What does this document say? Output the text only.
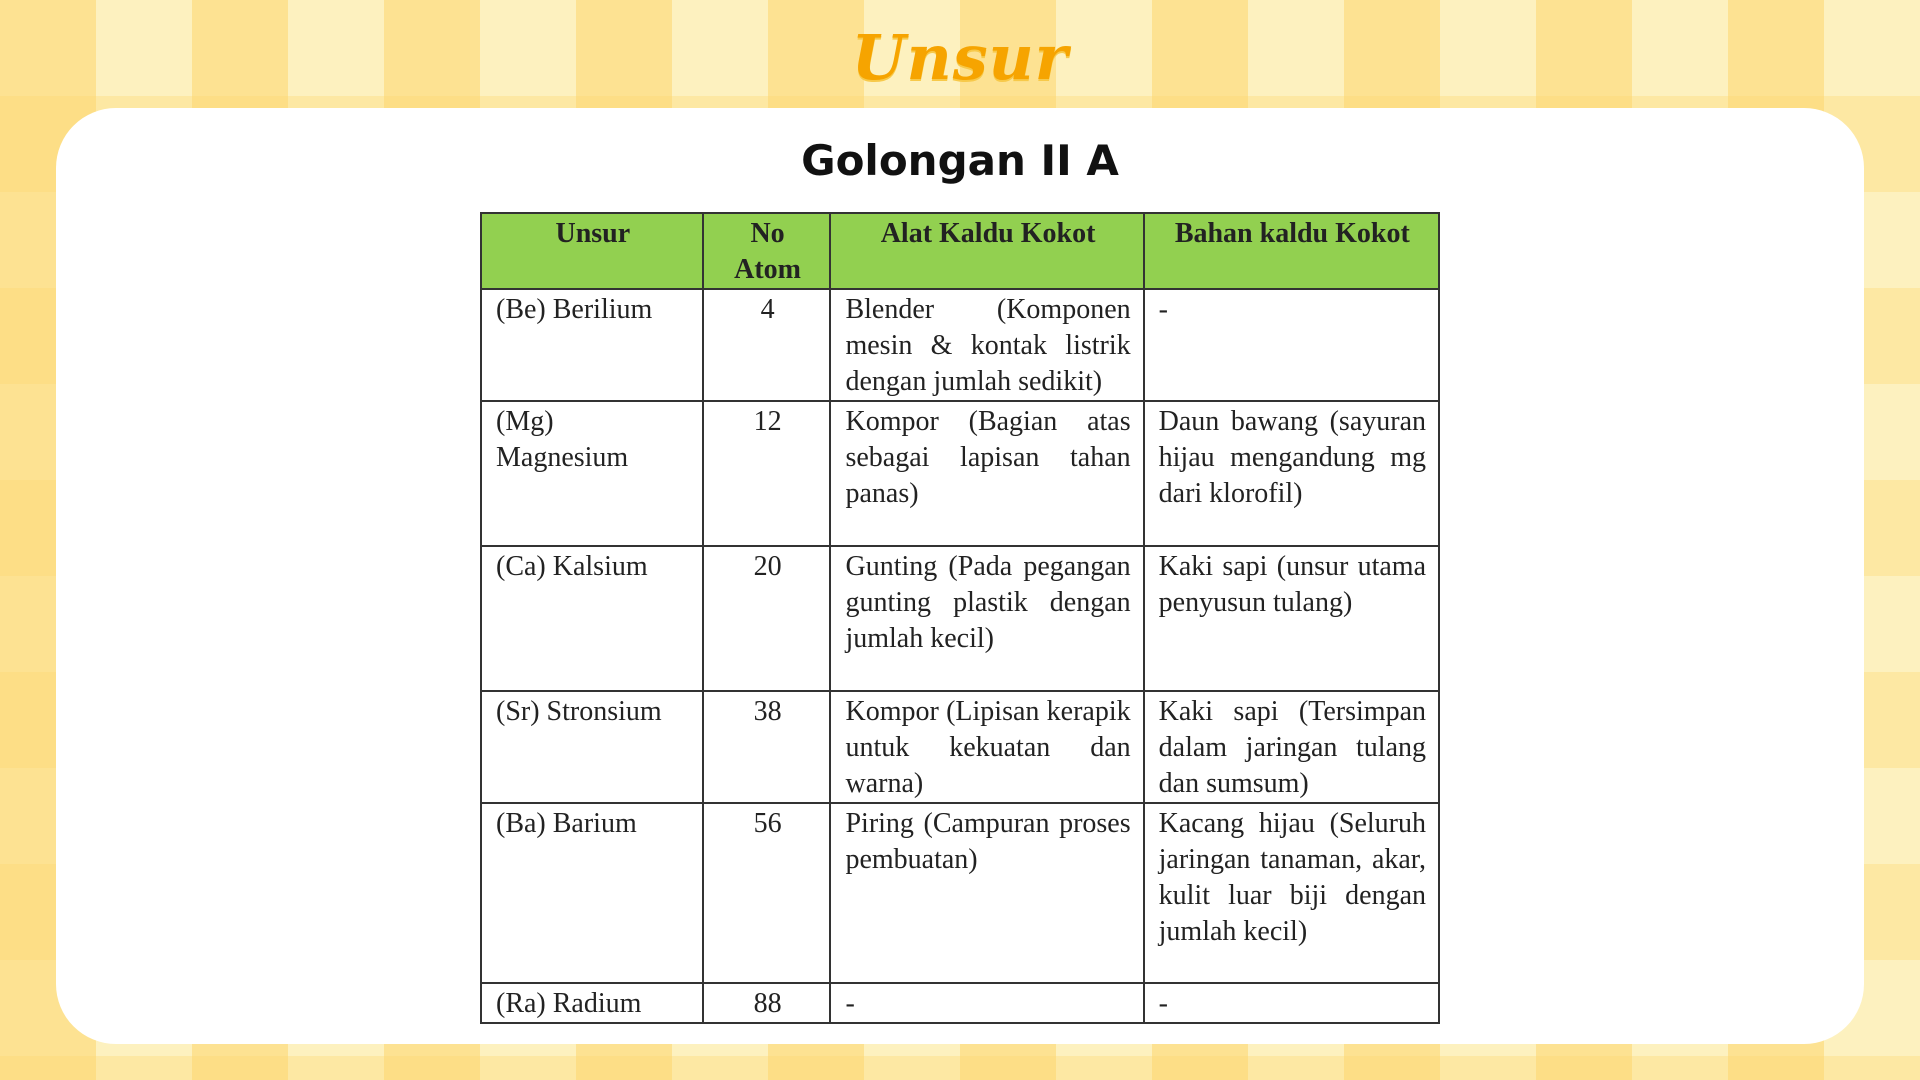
Unsur
Golongan II A
Unsur	No Atom	Alat Kaldu Kokot	Bahan kaldu Kokot
(Be) Berilium	4	Blender (Komponen mesin & kontak listrik dengan jumlah sedikit)	-
(Mg) Magnesium	12	Kompor (Bagian atas sebagai lapisan tahan panas)	Daun bawang (sayuran hijau mengandung mg dari klorofil)
(Ca) Kalsium	20	Gunting (Pada pegangan gunting plastik dengan jumlah kecil)	Kaki sapi (unsur utama penyusun tulang)
(Sr) Stronsium	38	Kompor (Lipisan kerapik untuk kekuatan dan warna)	Kaki sapi (Tersimpan dalam jaringan tulang dan sumsum)
(Ba) Barium	56	Piring (Campuran proses pembuatan)	Kacang hijau (Seluruh jaringan tanaman, akar, kulit luar biji dengan jumlah kecil)
(Ra) Radium	88	-	-
